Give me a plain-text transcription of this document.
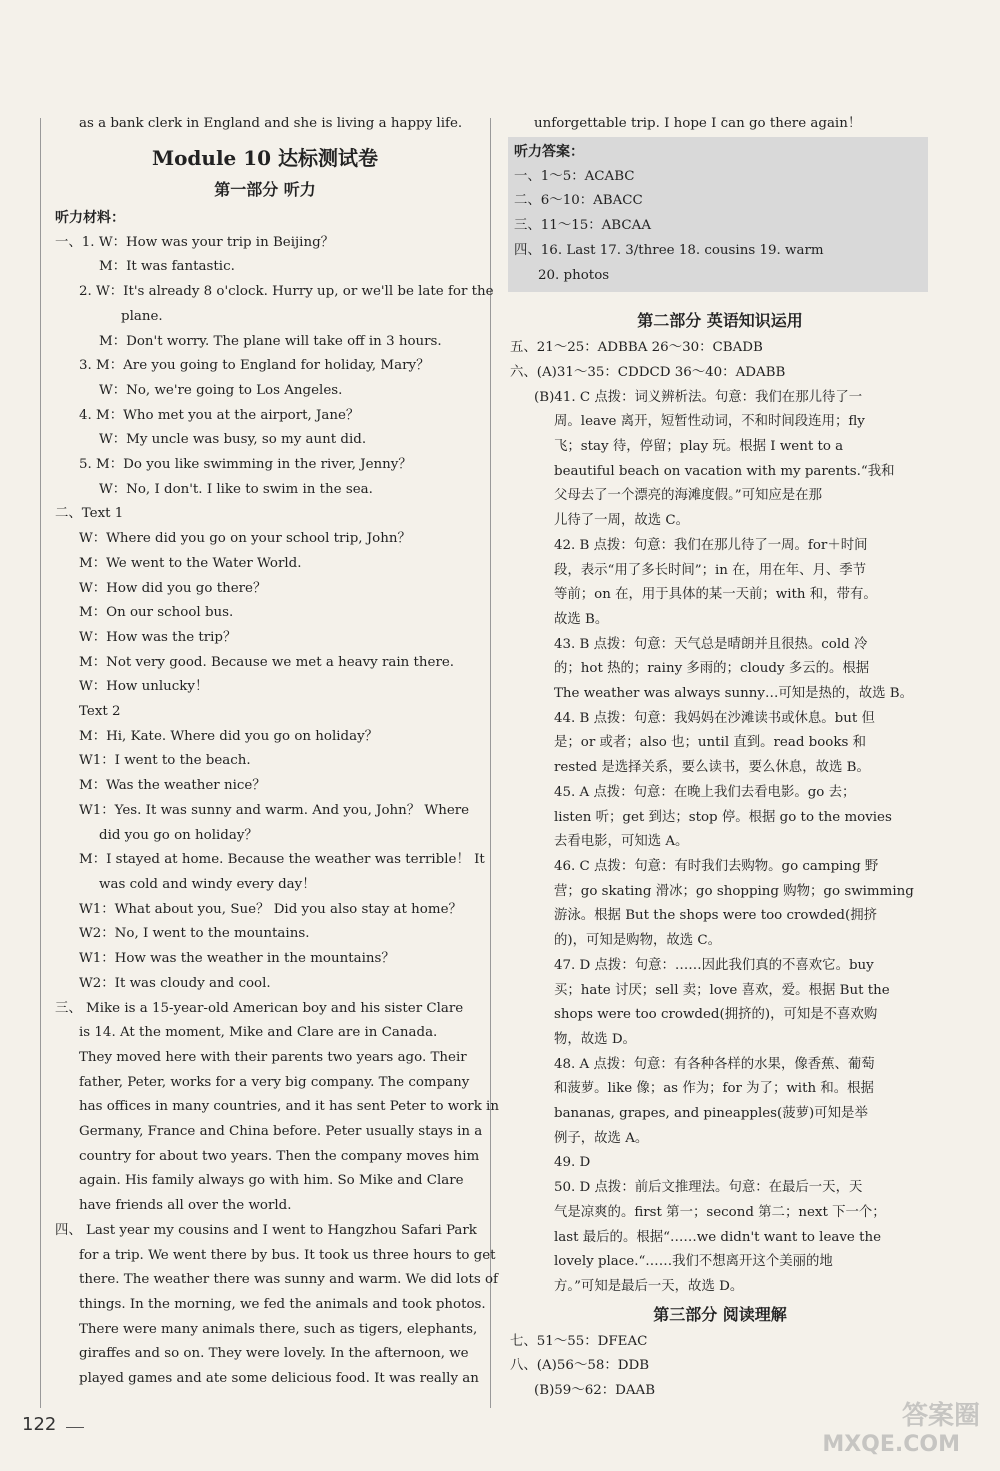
as a bank clerk in England and she is living a happy life.
Module 10 达标测试卷
第一部分 听力
听力材料：
一、1. W：How was your trip in Beijing？
M：It was fantastic.
2. W：It's already 8 o'clock. Hurry up, or we'll be late for the
plane.
M：Don't worry. The plane will take off in 3 hours.
3. M：Are you going to England for holiday, Mary？
W：No, we're going to Los Angeles.
4. M：Who met you at the airport, Jane？
W：My uncle was busy, so my aunt did.
5. M：Do you like swimming in the river, Jenny？
W：No, I don't. I like to swim in the sea.
二、Text 1
W：Where did you go on your school trip, John？
M：We went to the Water World.
W：How did you go there？
M：On our school bus.
W：How was the trip？
M：Not very good. Because we met a heavy rain there.
W：How unlucky！
Text 2
M：Hi, Kate. Where did you go on holiday？
W1：I went to the beach.
M：Was the weather nice？
W1：Yes. It was sunny and warm. And you, John？ Where
did you go on holiday？
M：I stayed at home. Because the weather was terrible！ It
was cold and windy every day！
W1：What about you, Sue？ Did you also stay at home？
W2：No, I went to the mountains.
W1：How was the weather in the mountains？
W2：It was cloudy and cool.
三、 Mike is a 15-year-old American boy and his sister Clare
is 14. At the moment, Mike and Clare are in Canada.
They moved here with their parents two years ago. Their
father, Peter, works for a very big company. The company
has offices in many countries, and it has sent Peter to work in
Germany, France and China before. Peter usually stays in a
country for about two years. Then the company moves him
again. His family always go with him. So Mike and Clare
have friends all over the world.
四、 Last year my cousins and I went to Hangzhou Safari Park
for a trip. We went there by bus. It took us three hours to get
there. The weather there was sunny and warm. We did lots of
things. In the morning, we fed the animals and took photos.
There were many animals there, such as tigers, elephants,
giraffes and so on. They were lovely. In the afternoon, we
played games and ate some delicious food. It was really an
unforgettable trip. I hope I can go there again！
听力答案：
一、1～5：ACABC
二、6～10：ABACC
三、11～15：ABCAA
四、16. Last 17. 3/three 18. cousins 19. warm
20. photos
第二部分 英语知识运用
五、21～25：ADBBA 26～30：CBADB
六、(A)31～35：CDDCD 36～40：ADABB
(B)41. C 点拨：词义辨析法。句意：我们在那儿待了一
周。leave 离开，短暂性动词，不和时间段连用；fly
飞；stay 待，停留；play 玩。根据 I went to a
beautiful beach on vacation with my parents.“我和
父母去了一个漂亮的海滩度假。”可知应是在那
儿待了一周，故选 C。
42. B 点拨：句意：我们在那儿待了一周。for＋时间
段，表示“用了多长时间”；in 在，用在年、月、季节
等前；on 在，用于具体的某一天前；with 和，带有。
故选 B。
43. B 点拨：句意：天气总是晴朗并且很热。cold 冷
的；hot 热的；rainy 多雨的；cloudy 多云的。根据
The weather was always sunny…可知是热的，故选 B。
44. B 点拨：句意：我妈妈在沙滩读书或休息。but 但
是；or 或者；also 也；until 直到。read books 和
rested 是选择关系，要么读书，要么休息，故选 B。
45. A 点拨：句意：在晚上我们去看电影。go 去；
listen 听；get 到达；stop 停。根据 go to the movies
去看电影，可知选 A。
46. C 点拨：句意：有时我们去购物。go camping 野
营；go skating 滑冰；go shopping 购物；go swimming
游泳。根据 But the shops were too crowded(拥挤
的)，可知是购物，故选 C。
47. D 点拨：句意：……因此我们真的不喜欢它。buy
买；hate 讨厌；sell 卖；love 喜欢，爱。根据 But the
shops were too crowded(拥挤的)，可知是不喜欢购
物，故选 D。
48. A 点拨：句意：有各种各样的水果，像香蕉、葡萄
和菠萝。like 像；as 作为；for 为了；with 和。根据
bananas, grapes, and pineapples(菠萝)可知是举
例子，故选 A。
49. D
50. D 点拨：前后文推理法。句意：在最后一天，天
气是凉爽的。first 第一；second 第二；next 下一个；
last 最后的。根据“……we didn't want to leave the
lovely place.“……我们不想离开这个美丽的地
方。”可知是最后一天，故选 D。
第三部分 阅读理解
七、51～55：DFEAC
八、(A)56～58：DDB
(B)59～62：DAAB
122	答案圈
MXQE.COM
